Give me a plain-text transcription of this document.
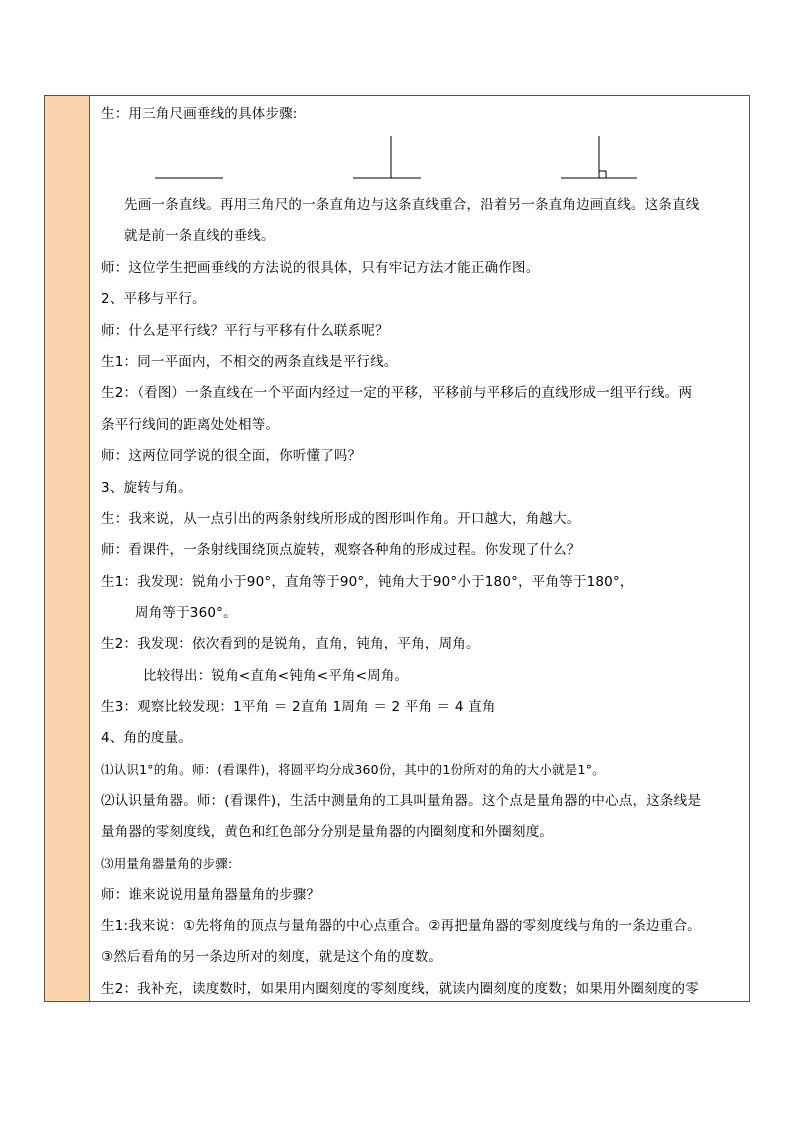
生：用三角尺画垂线的具体步骤:
先画一条直线。再用三角尺的一条直角边与这条直线重合，沿着另一条直角边画直线。这条直线
就是前一条直线的垂线。
师：这位学生把画垂线的方法说的很具体，只有牢记方法才能正确作图。
2、平移与平行。
师：什么是平行线？平行与平移有什么联系呢？
生1：同一平面内，不相交的两条直线是平行线。
生2：（看图）一条直线在一个平面内经过一定的平移，平移前与平移后的直线形成一组平行线。两
条平行线间的距离处处相等。
师：这两位同学说的很全面，你听懂了吗？
3、旋转与角。
生：我来说，从一点引出的两条射线所形成的图形叫作角。开口越大，角越大。
师：看课件，一条射线围绕顶点旋转，观察各种角的形成过程。你发现了什么？
生1：我发现：锐角小于90°，直角等于90°，钝角大于90°小于180°，平角等于180°，
周角等于360°。
生2：我发现：依次看到的是锐角，直角，钝角，平角，周角。
比较得出：锐角<直角<钝角<平角<周角。
生3：观察比较发现：1平角 ＝ 2直角 1周角 ＝ 2 平角 ＝ 4 直角
4、角的度量。
⑴认识1°的角。师：(看课件)，将圆平均分成360份，其中的1份所对的角的大小就是1°。
⑵认识量角器。师：(看课件)，生活中测量角的工具叫量角器。这个点是量角器的中心点，这条线是
量角器的零刻度线，黄色和红色部分分别是量角器的内圈刻度和外圈刻度。
⑶用量角器量角的步骤:
师：谁来说说用量角器量角的步骤？
生1:我来说：①先将角的顶点与量角器的中心点重合。②再把量角器的零刻度线与角的一条边重合。
③然后看角的另一条边所对的刻度，就是这个角的度数。
生2：我补充，读度数时，如果用内圈刻度的零刻度线，就读内圈刻度的度数；如果用外圈刻度的零
